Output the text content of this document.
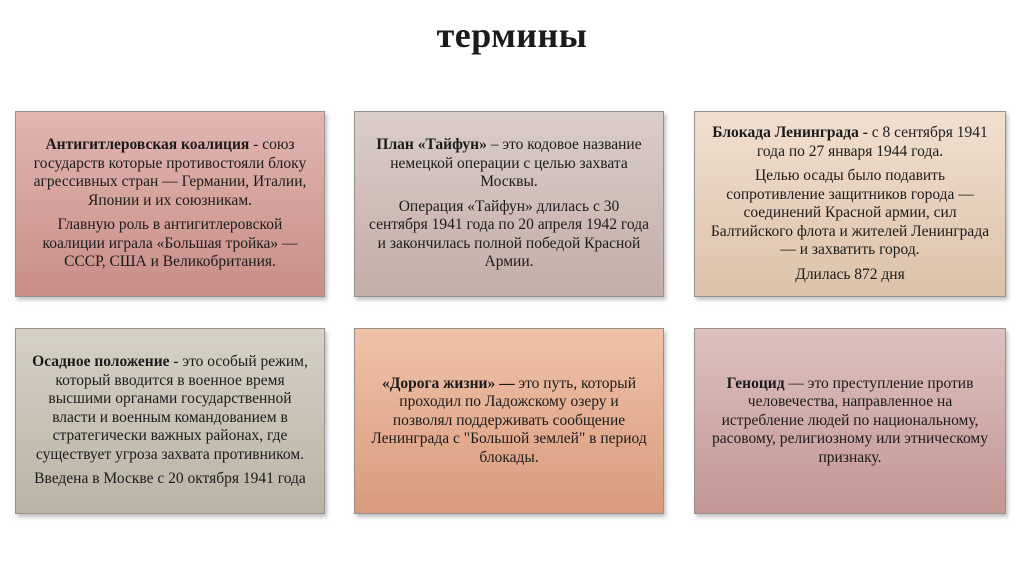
термины

Антигитлеровская коалиция - союз государств которые противостояли блоку агрессивных стран — Германии, Италии, Японии и их союзникам.

Главную роль в антигитлеровской коалиции играла «Большая тройка» — СССР, США и Великобритания.

План «Тайфун» – это кодовое название немецкой операции с целью захвата Москвы.

Операция «Тайфун» длилась с 30 сентября 1941 года по 20 апреля 1942 года и закончилась полной победой Красной Армии.

Блокада Ленинграда - с 8 сентября 1941 года по 27 января 1944 года.

Целью осады было подавить сопротивление защитников города — соединений Красной армии, сил Балтийского флота и жителей Ленинграда — и захватить город.

Длилась 872 дня

Осадное положение - это особый режим, который вводится в военное время высшими органами государственной власти и военным командованием в стратегически важных районах, где существует угроза захвата противником.

Введена в Москве с 20 октября 1941 года

«Дорога жизни» — это путь, который проходил по Ладожскому озеру и позволял поддерживать сообщение Ленинграда с "Большой землей" в период блокады.

Геноцид — это преступление против человечества, направленное на истребление людей по национальному, расовому, религиозному или этническому признаку.
